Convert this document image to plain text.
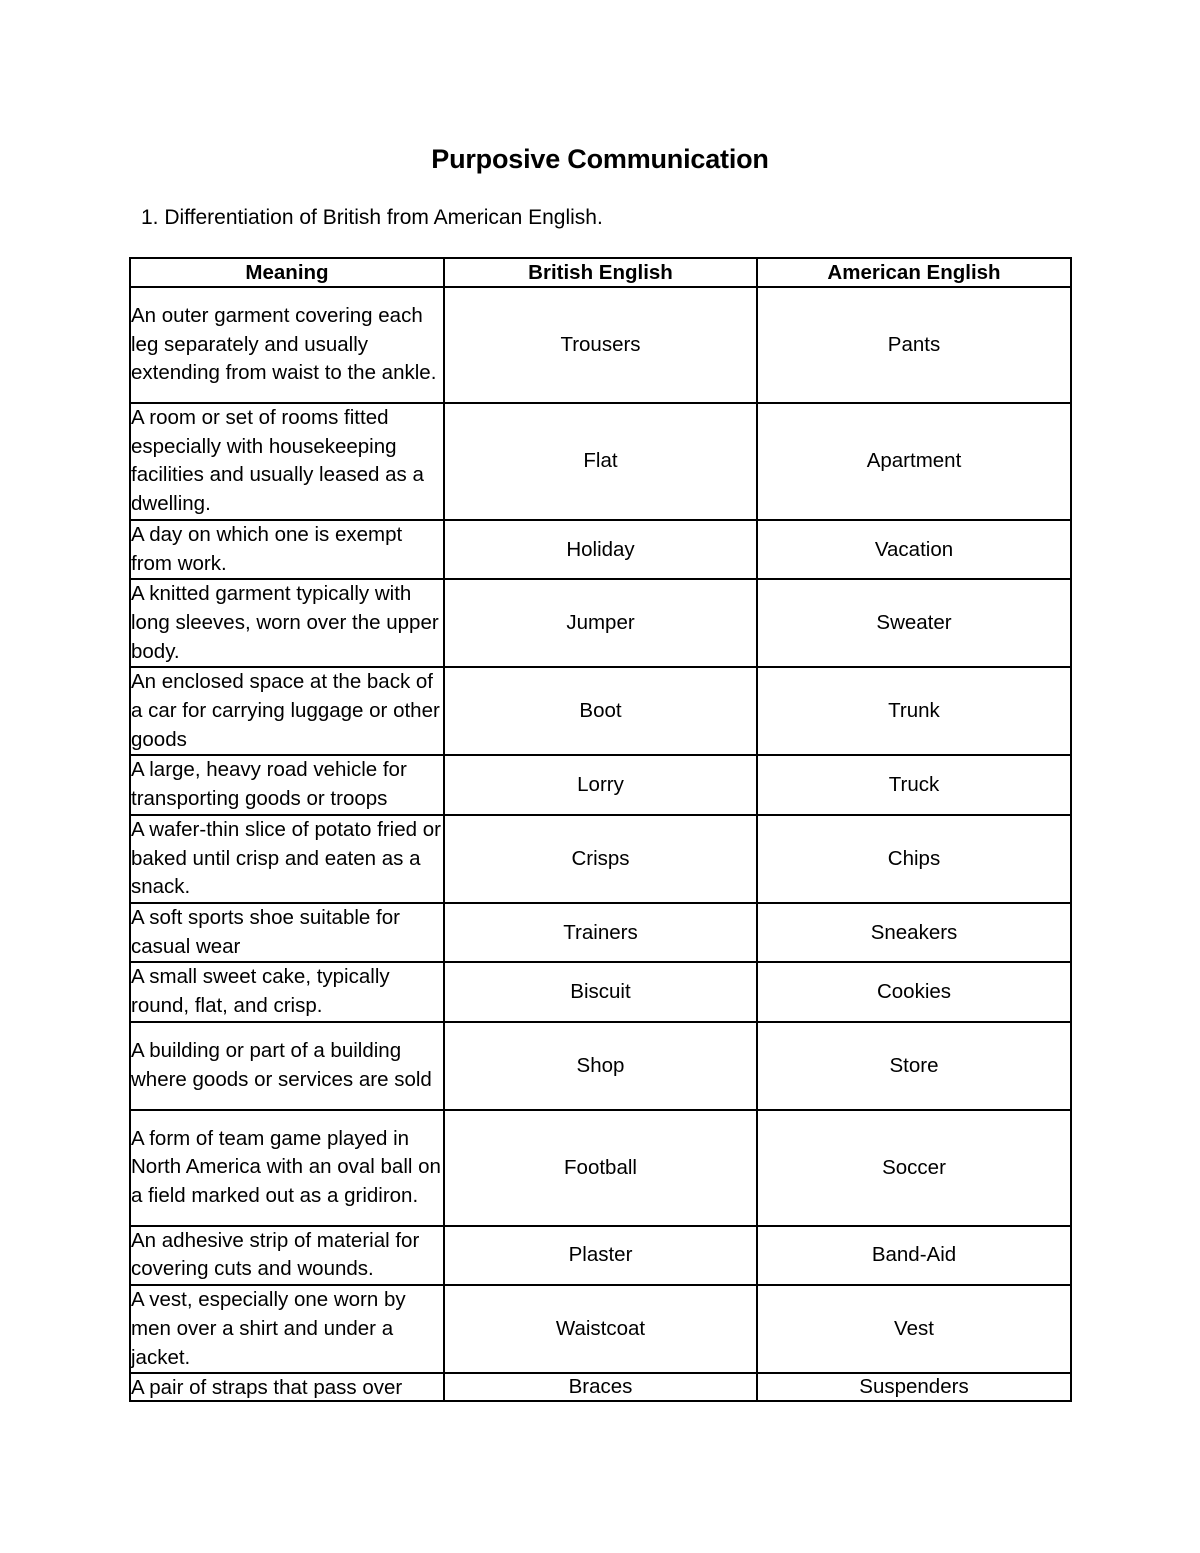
Purposive Communication
1. Differentiation of British from American English.
Meaning	British English	American English
An outer garment covering each leg separately and usually extending from waist to the ankle.	Trousers	Pants
A room or set of rooms fitted especially with housekeeping facilities and usually leased as a dwelling.	Flat	Apartment
A day on which one is exempt from work.	Holiday	Vacation
A knitted garment typically with long sleeves, worn over the upper body.	Jumper	Sweater
An enclosed space at the back of a car for carrying luggage or other goods	Boot	Trunk
A large, heavy road vehicle for transporting goods or troops	Lorry	Truck
A wafer-thin slice of potato fried or baked until crisp and eaten as a snack.	Crisps	Chips
A soft sports shoe suitable for casual wear	Trainers	Sneakers
A small sweet cake, typically round, flat, and crisp.	Biscuit	Cookies
A building or part of a building where goods or services are sold	Shop	Store
A form of team game played in North America with an oval ball on a field marked out as a gridiron.	Football	Soccer
An adhesive strip of material for covering cuts and wounds.	Plaster	Band-Aid
A vest, especially one worn by men over a shirt and under a jacket.	Waistcoat	Vest
A pair of straps that pass over	Braces	Suspenders
